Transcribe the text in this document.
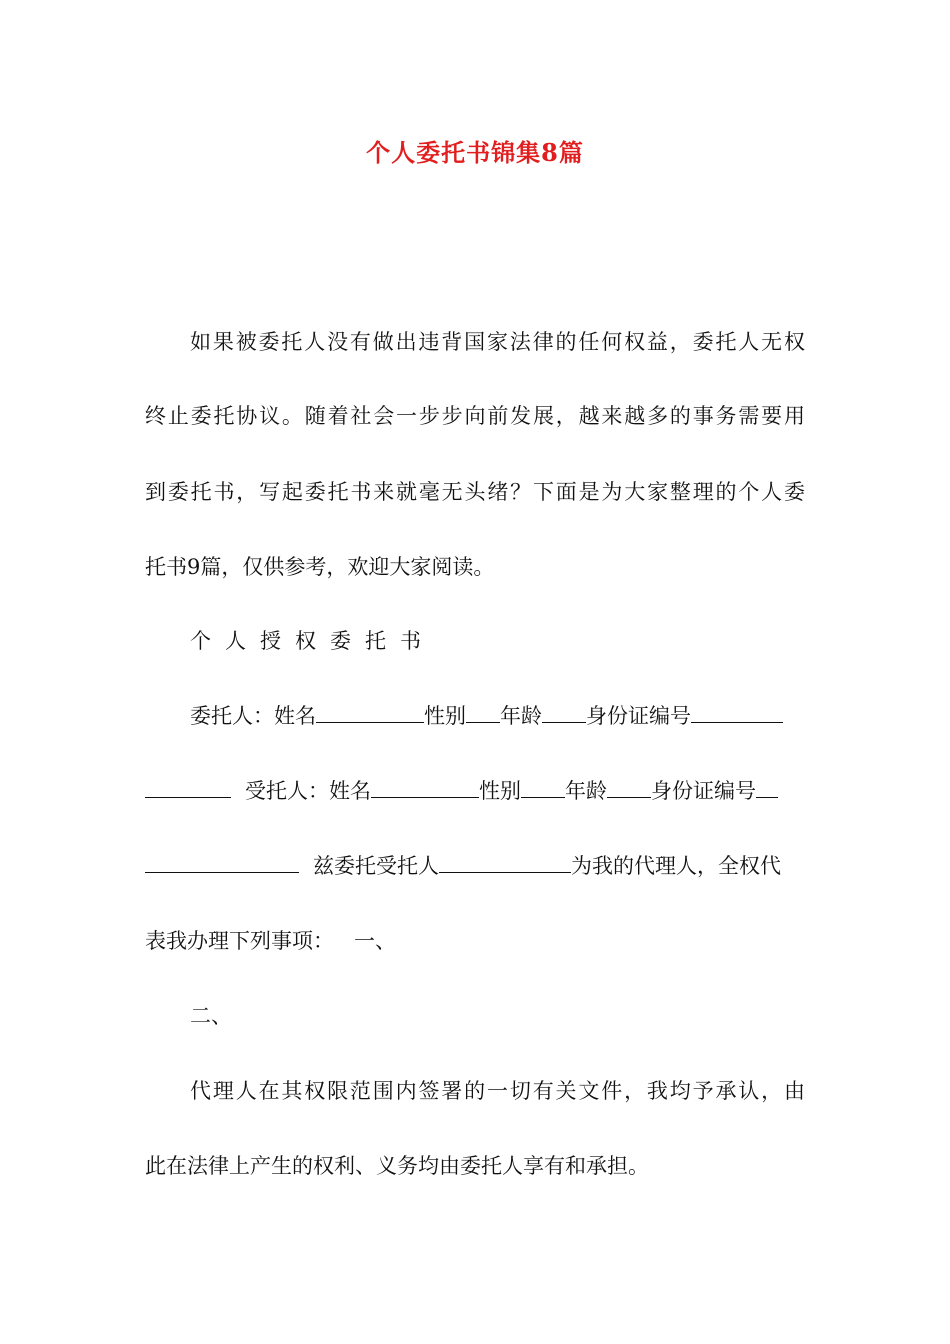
个人委托书锦集8篇
如果被委托人没有做出违背国家法律的任何权益，委托人无权
终止委托协议。随着社会一步步向前发展，越来越多的事务需要用
到委托书，写起委托书来就毫无头绪？下面是为大家整理的个人委
托书9篇，仅供参考，欢迎大家阅读。
个人授权委托书
委托人：姓名	性别 年龄 身份证编号
受托人：姓名	性别 年龄 身份证编号
兹委托受托人	为我的代理人，全权代
表我办理下列事项： 一、
二、
代理人在其权限范围内签署的一切有关文件，我均予承认，由
此在法律上产生的权利、义务均由委托人享有和承担。
